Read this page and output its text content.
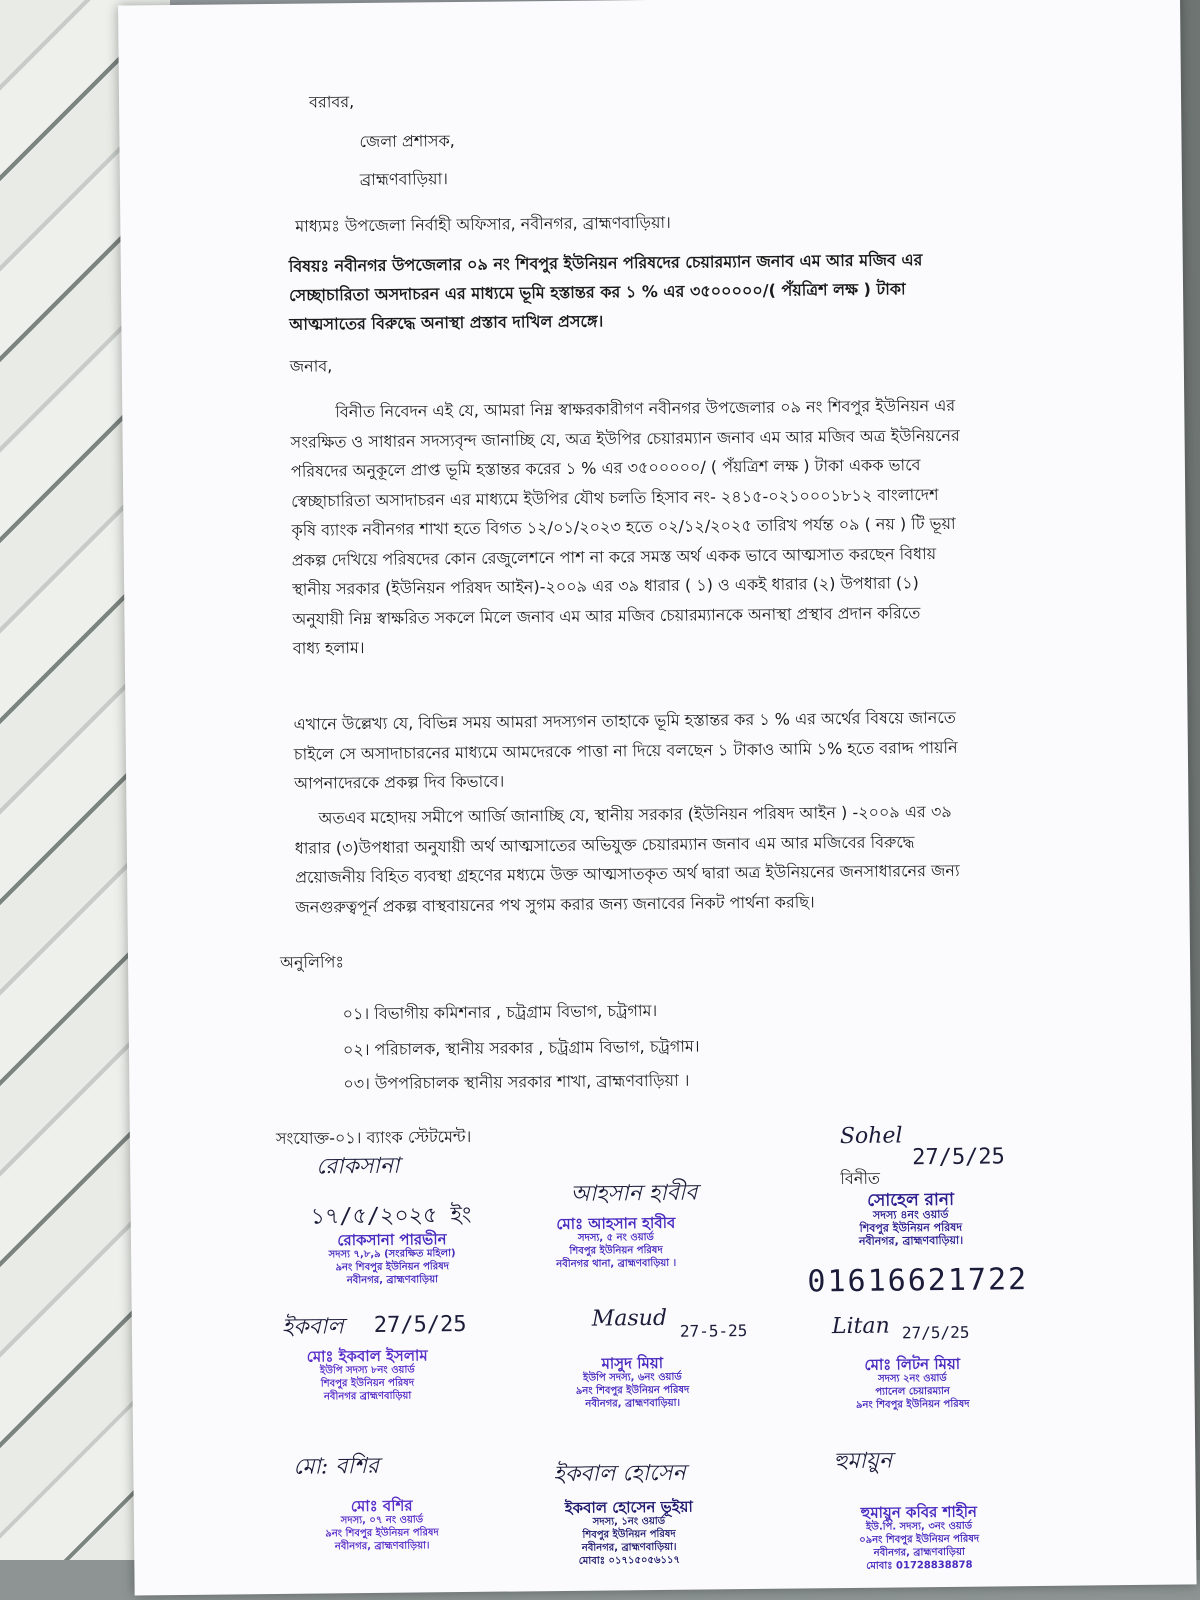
বরাবর,
জেলা প্রশাসক,
ব্রাহ্মণবাড়িয়া।
মাধ্যমঃ উপজেলা নির্বাহী অফিসার, নবীনগর, ব্রাহ্মণবাড়িয়া।
বিষয়ঃ নবীনগর উপজেলার ০৯ নং শিবপুর ইউনিয়ন পরিষদের চেয়ারম্যান জনাব এম আর মজিব এর
সেচ্ছাচারিতা অসদাচরন এর মাধ্যমে ভূমি হস্তান্তর কর ১ % এর ৩৫০০০০০/( পঁয়ত্রিশ লক্ষ ) টাকা
আত্মসাতের বিরুদ্ধে অনাস্থা প্রস্তাব দাখিল প্রসঙ্গে।
জনাব,
বিনীত নিবেদন এই যে, আমরা নিম্ন স্বাক্ষরকারীগণ নবীনগর উপজেলার ০৯ নং শিবপুর ইউনিয়ন এর
সংরক্ষিত ও সাধারন সদস্যবৃন্দ জানাচ্ছি যে, অত্র ইউপির চেয়ারম্যান জনাব এম আর মজিব অত্র ইউনিয়নের
পরিষদের অনুকূলে প্রাপ্ত ভূমি হস্তান্তর করের ১ % এর ৩৫০০০০০/ ( পঁয়ত্রিশ লক্ষ ) টাকা একক ভাবে
স্বেচ্ছাচারিতা অসাদাচরন এর মাধ্যমে ইউপির যৌথ চলতি হিসাব নং- ২৪১৫-০২১০০০১৮১২ বাংলাদেশ
কৃষি ব্যাংক নবীনগর শাখা হতে বিগত ১২/০১/২০২৩ হতে ০২/১২/২০২৫ তারিখ পর্যন্ত ০৯ ( নয় ) টি ভূয়া
প্রকল্প দেখিয়ে পরিষদের কোন রেজুলেশনে পাশ না করে সমস্ত অর্থ একক ভাবে আত্মসাত করছেন বিধায়
স্থানীয় সরকার (ইউনিয়ন পরিষদ আইন)-২০০৯ এর ৩৯ ধারার ( ১) ও একই ধারার (২) উপধারা (১)
অনুযায়ী নিম্ন স্বাক্ষরিত সকলে মিলে জনাব এম আর মজিব চেয়ারম্যানকে অনাস্থা প্রস্থাব প্রদান করিতে
বাধ্য হলাম।
এখানে উল্লেখ্য যে, বিভিন্ন সময় আমরা সদস্যগন তাহাকে ভূমি হস্তান্তর কর ১ % এর অর্থের বিষয়ে জানতে
চাইলে সে অসাদাচারনের মাধ্যমে আমদেরকে পাত্তা না দিয়ে বলছেন ১ টাকাও আমি ১% হতে বরাদ্দ পায়নি
আপনাদেরকে প্রকল্প দিব কিভাবে।
অতএব মহোদয় সমীপে আর্জি জানাচ্ছি যে, স্থানীয় সরকার (ইউনিয়ন পরিষদ আইন ) -২০০৯ এর ৩৯
ধারার (৩)উপধারা অনুযায়ী অর্থ আত্মসাতের অভিযুক্ত চেয়ারম্যান জনাব এম আর মজিবের বিরুদ্ধে
প্রয়োজনীয় বিহিত ব্যবস্থা গ্রহণের মধ্যমে উক্ত আত্মসাতকৃত অর্থ দ্বারা অত্র ইউনিয়নের জনসাধারনের জন্য
জনগুরুত্বপূর্ন প্রকল্প বাস্থবায়নের পথ সুগম করার জন্য জনাবের নিকট পার্থনা করছি।
অনুলিপিঃ
০১। বিভাগীয় কমিশনার , চট্রগ্রাম বিভাগ, চট্রগাম।
০২। পরিচালক, স্থানীয় সরকার , চট্রগ্রাম বিভাগ, চট্রগাম।
০৩। উপপরিচালক স্থানীয় সরকার শাখা, ব্রাহ্মণবাড়িয়া ।
সংযোক্ত-০১। ব্যাংক স্টেটমেন্ট।
বিনীত
রোকসানা
১৭/৫/২০২৫ ইং
রোকসানা পারভীন
সদস্য ৭,৮,৯ (সংরক্ষিত মহিলা)
৯নং শিবপুর ইউনিয়ন পরিষদ
নবীনগর, ব্রাহ্মণবাড়িয়া
আহসান হাবীব
মোঃ আহসান হাবীব
সদস্য, ৫ নং ওয়ার্ড
শিবপুর ইউনিয়ন পরিষদ
নবীনগর থানা, ব্রাহ্মণবাড়িয়া ।
Sohel
27/5/25
সোহেল রানা
সদস্য ৪নং ওয়ার্ড
শিবপুর ইউনিয়ন পরিষদ
নবীনগর, ব্রাহ্মণবাড়িয়া।
01616621722
ইকবাল 27/5/25
মোঃ ইকবাল ইসলাম
ইউপি সদস্য ৮নং ওয়ার্ড
শিবপুর ইউনিয়ন পরিষদ
নবীনগর ব্রাহ্মণবাড়িয়া
Masud 27-5-25
মাসুদ মিয়া
ইউপি সদস্য, ৬নং ওয়ার্ড
৯নং শিবপুর ইউনিয়ন পরিষদ
নবীনগর, ব্রাহ্মণবাড়িয়া।
Litan 27/5/25
মোঃ লিটন মিয়া
সদস্য ২নং ওয়ার্ড
প্যানেল চেয়ারম্যান
৯নং শিবপুর ইউনিয়ন পরিষদ
মো: বশির
মোঃ বশির
সদস্য, ০৭ নং ওয়ার্ড
৯নং শিবপুর ইউনিয়ন পরিষদ
নবীনগর, ব্রাহ্মণবাড়িয়া।
ইকবাল হোসেন
ইকবাল হোসেন ভূইয়া
সদস্য, ১নং ওয়ার্ড
শিবপুর ইউনিয়ন পরিষদ
নবীনগর, ব্রাহ্মণবাড়িয়া।
মোবাঃ ০১৭১৫০৫৬১১৭
হুমায়ুন
হুমায়ুন কবির শাহীন
ইউ.পি. সদস্য, ৩নং ওয়ার্ড
০৯নং শিবপুর ইউনিয়ন পরিষদ
নবীনগর, ব্রাহ্মণবাড়িয়া
মোবাঃ 01728838878
